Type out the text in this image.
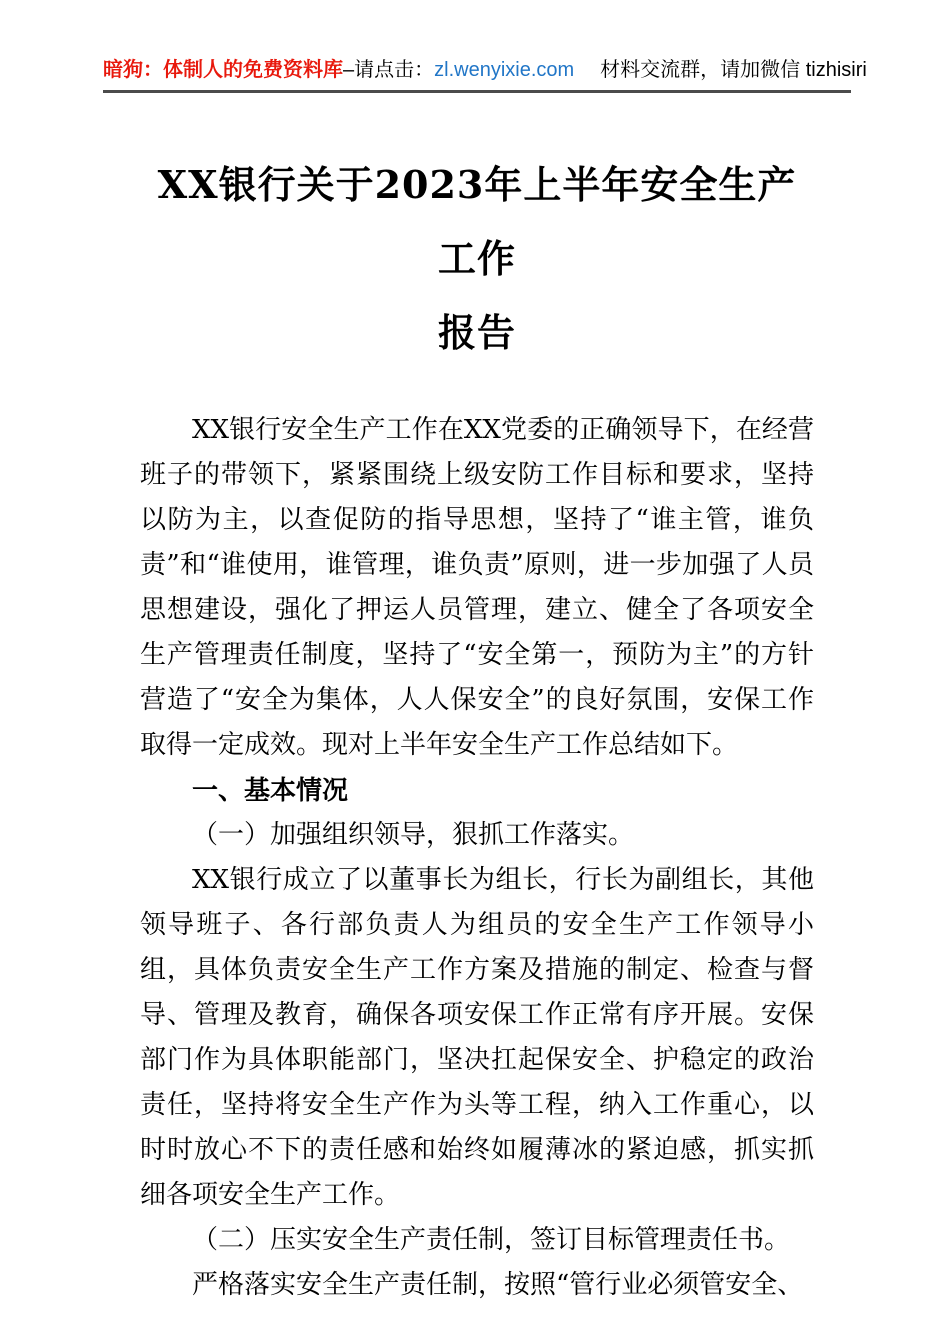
暗狗：体制人的免费资料库–请点击：zl.wenyixie.com 材料交流群，请加微信 tizhisiri
XX银行关于2023年上半年安全生产工作
报告

XX银行安全生产工作在XX党委的正确领导下，在经营班子的带领下，紧紧围绕上级安防工作目标和要求，坚持以防为主，以查促防的指导思想，坚持了“谁主管，谁负责”和“谁使用，谁管理，谁负责”原则，进一步加强了人员思想建设，强化了押运人员管理，建立、健全了各项安全生产管理责任制度，坚持了“安全第一，预防为主”的方针营造了“安全为集体，人人保安全”的良好氛围，安保工作取得一定成效。现对上半年安全生产工作总结如下。

一、基本情况

（一）加强组织领导，狠抓工作落实。

XX银行成立了以董事长为组长，行长为副组长，其他领导班子、各行部负责人为组员的安全生产工作领导小组，具体负责安全生产工作方案及措施的制定、检查与督导、管理及教育，确保各项安保工作正常有序开展。安保部门作为具体职能部门，坚决扛起保安全、护稳定的政治责任，坚持将安全生产作为头等工程，纳入工作重心，以时时放心不下的责任感和始终如履薄冰的紧迫感，抓实抓细各项安全生产工作。

（二）压实安全生产责任制，签订目标管理责任书。

严格落实安全生产责任制，按照“管行业必须管安全、
